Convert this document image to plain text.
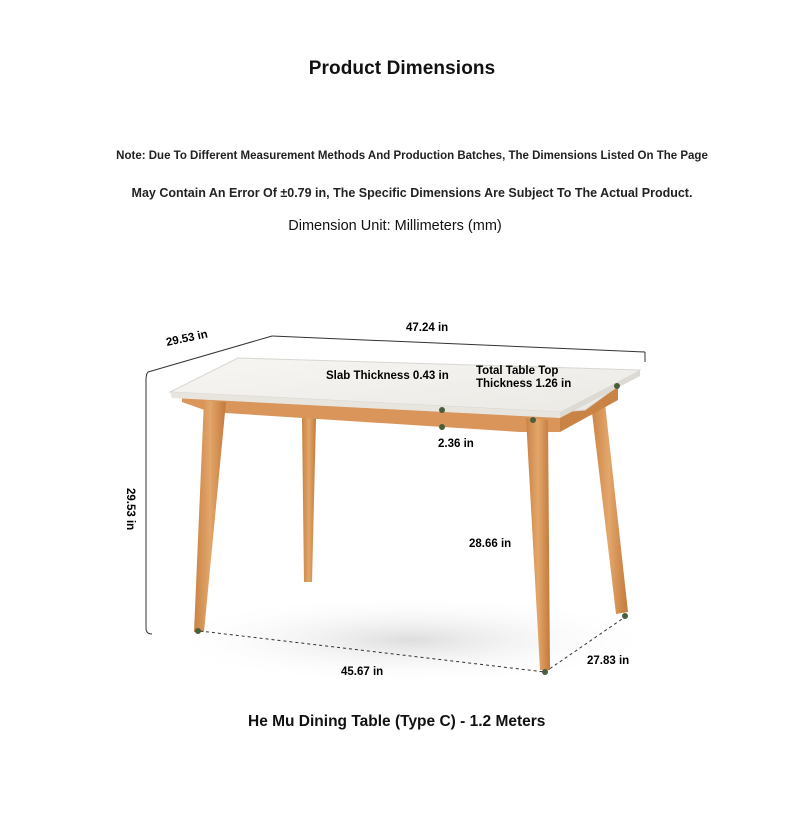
Product Dimensions
Note: Due To Different Measurement Methods And Production Batches, The Dimensions Listed On The Page
May Contain An Error Of ±0.79 in, The Specific Dimensions Are Subject To The Actual Product.
Dimension Unit: Millimeters (mm)
29.53 in
47.24 in
Slab Thickness 0.43 in Total Table Top
Thickness 1.26 in
2.36 in
29.53 in
28.66 in
45.67 in
27.83 in
He Mu Dining Table (Type C) - 1.2 Meters
